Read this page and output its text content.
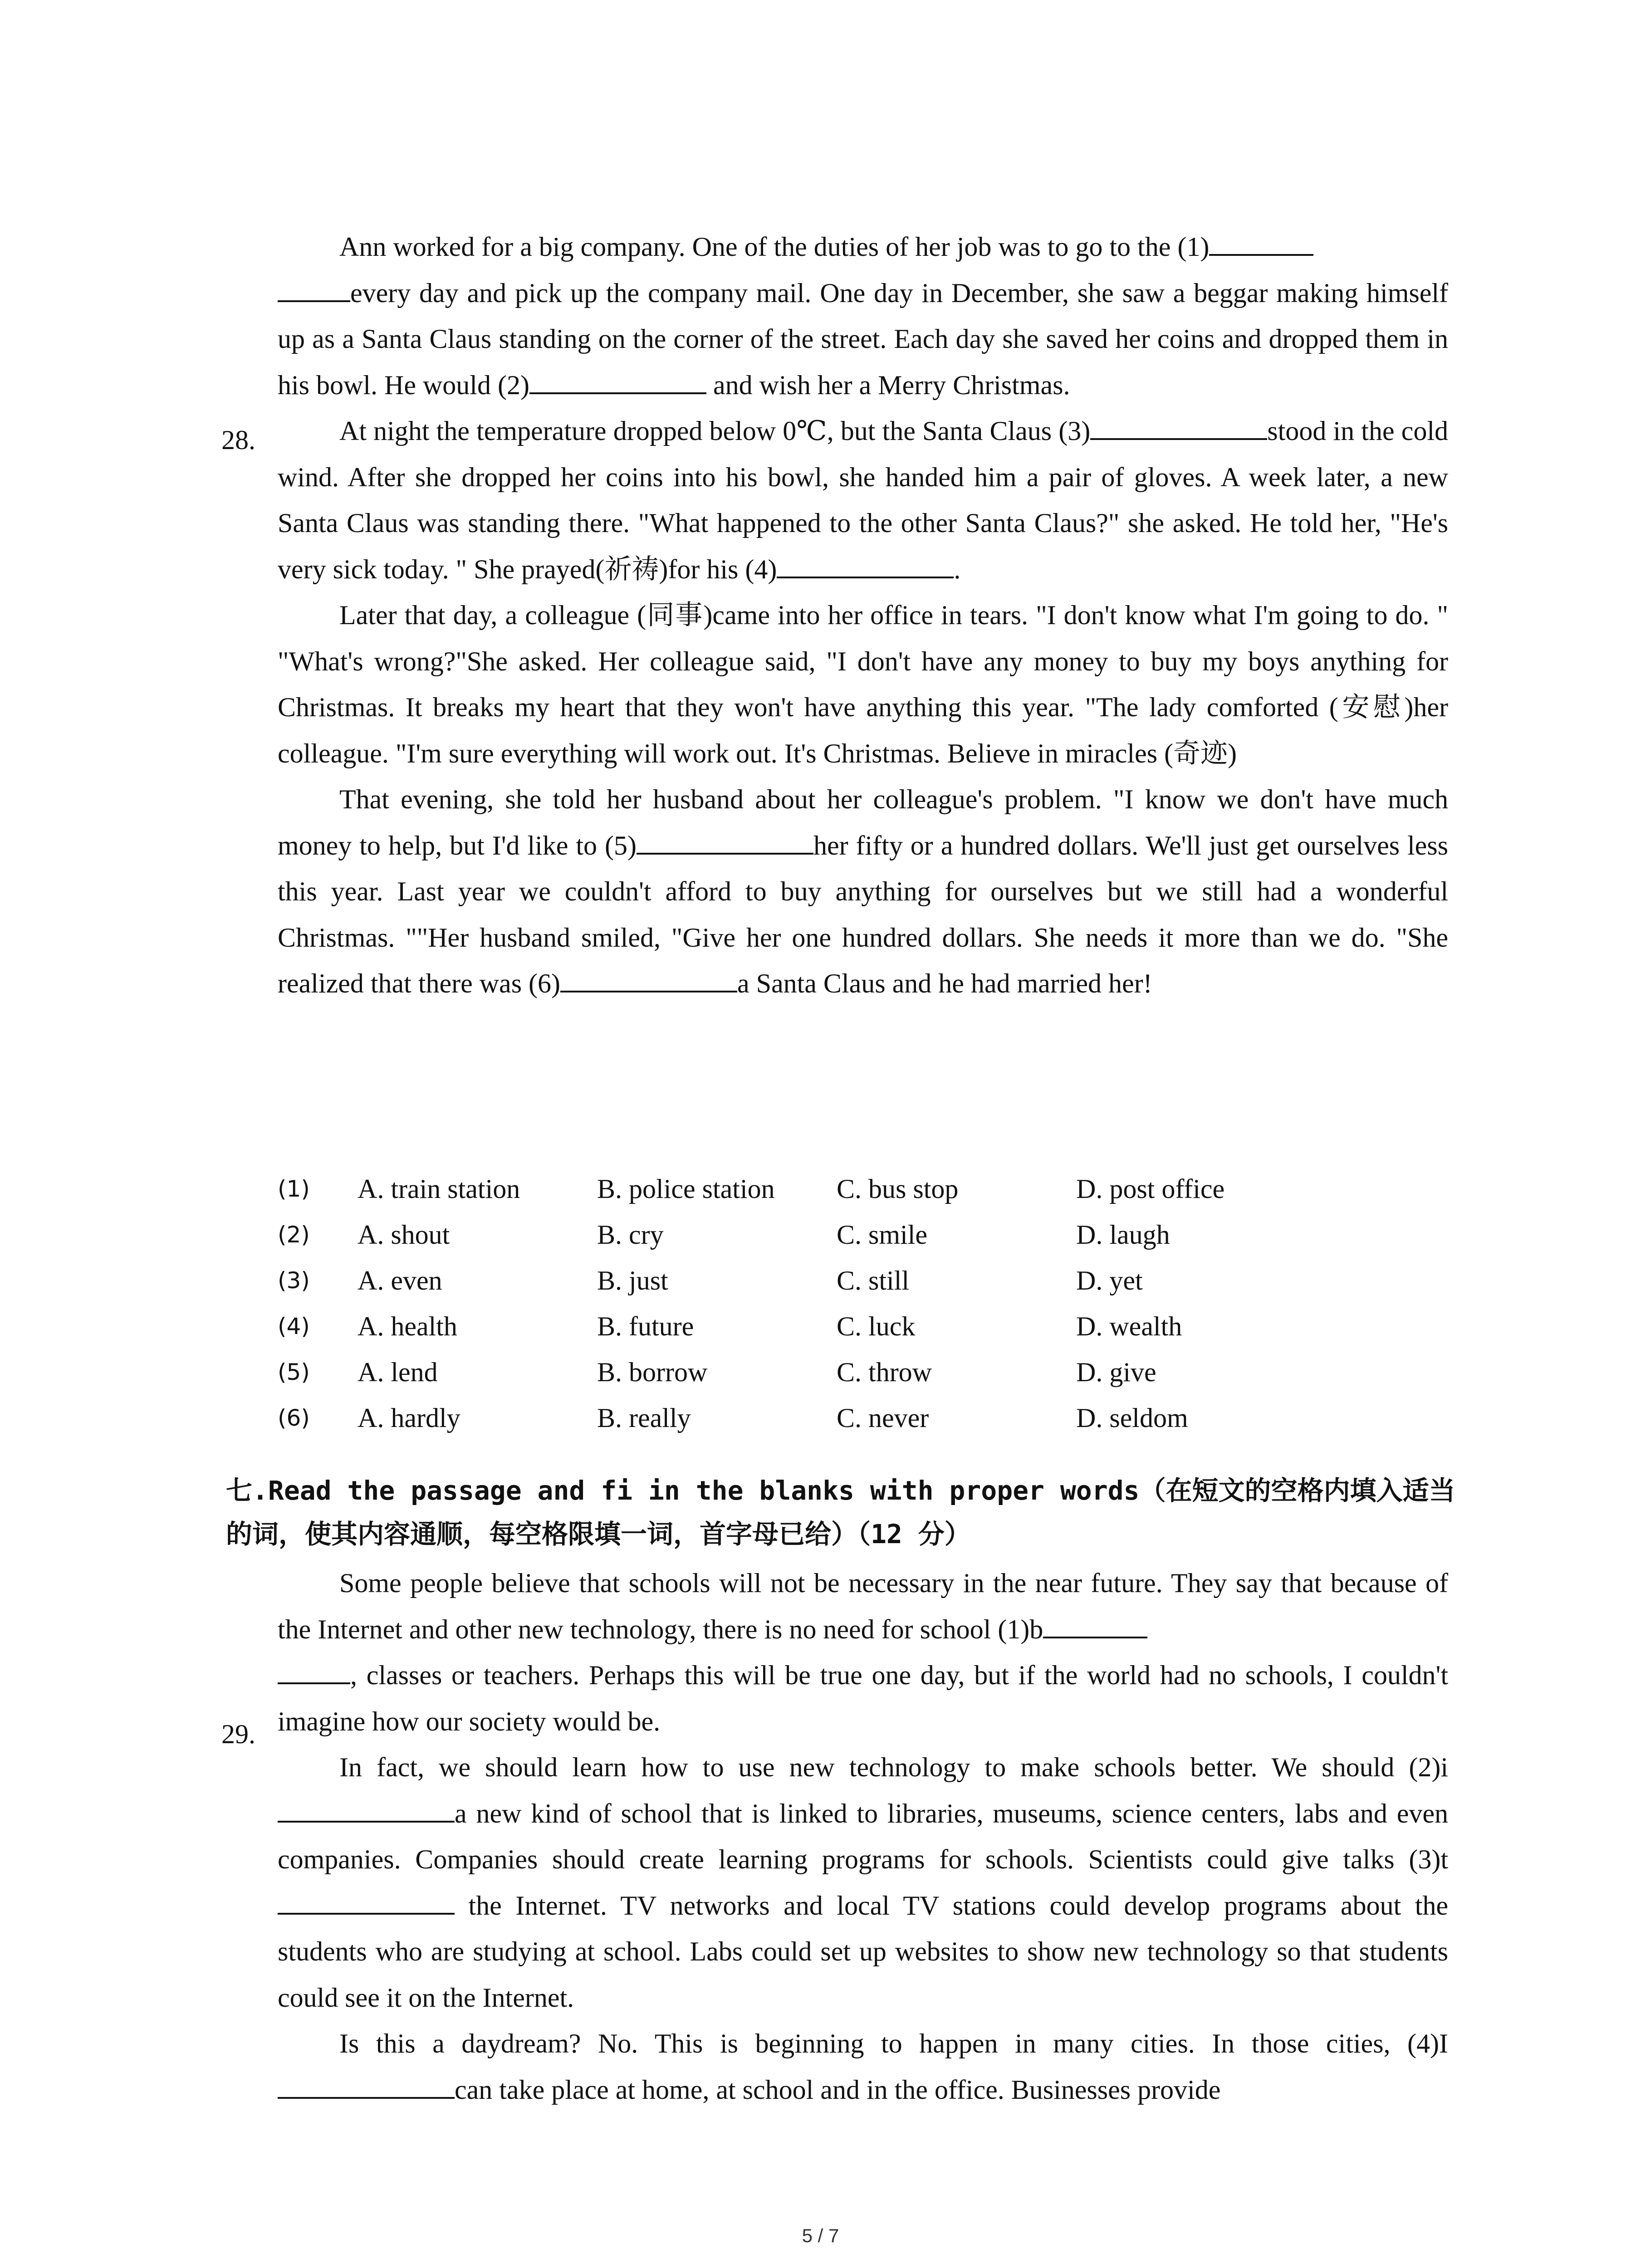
28.

Ann worked for a big company. One of the duties of her job was to go to the (1)
every day and pick up the company mail. One day in December, she saw a beggar making himself up as a Santa Claus standing on the corner of the street. Each day she saved her coins and dropped them in his bowl. He would (2)	and wish her a Merry Christmas.

At night the temperature dropped below 0℃, but the Santa Claus (3)	stood in the cold wind. After she dropped her coins into his bowl, she handed him a pair of gloves. A week later, a new Santa Claus was standing there. "What happened to the other Santa Claus?" she asked. He told her, "He's very sick today. " She prayed(祈祷)for his (4)	.

Later that day, a colleague (同事)came into her office in tears. "I don't know what I'm going to do. " "What's wrong?"She asked. Her colleague said, "I don't have any money to buy my boys anything for Christmas. It breaks my heart that they won't have anything this year. "The lady comforted (安慰)her colleague. "I'm sure everything will work out. It's Christmas. Believe in miracles (奇迹)

That evening, she told her husband about her colleague's problem. "I know we don't have much money to help, but I'd like to (5)	her fifty or a hundred dollars. We'll just get ourselves less this year. Last year we couldn't afford to buy anything for ourselves but we still had a wonderful Christmas. ""Her husband smiled, "Give her one hundred dollars. She needs it more than we do. "She realized that there was (6)	a Santa Claus and he had married her!

(1)	A. train station	B. police station	C. bus stop	D. post office
(2)	A. shout	B. cry	C. smile	D. laugh
(3)	A. even	B. just	C. still	D. yet
(4)	A. health	B. future	C. luck	D. wealth
(5)	A. lend	B. borrow	C. throw	D. give
(6)	A. hardly	B. really	C. never	D. seldom
七.Read the passage and fi in the blanks with proper words（在短文的空格内填入适当的词，使其内容通顺，每空格限填一词，首字母已给）（12 分）
29.

Some people believe that schools will not be necessary in the near future. They say that because of the Internet and other new technology, there is no need for school (1)b
, classes or teachers. Perhaps this will be true one day, but if the world had no schools, I couldn't imagine how our society would be.

In fact, we should learn how to use new technology to make schools better. We should (2)ia new kind of school that is linked to libraries, museums, science centers, labs and even companies. Companies should create learning programs for schools. Scientists could give talks (3)t the Internet. TV networks and local TV stations could develop programs about the students who are studying at school. Labs could set up websites to show new technology so that students could see it on the Internet.

Is this a daydream? No. This is beginning to happen in many cities. In those cities, (4)Ican take place at home, at school and in the office. Businesses provide

5 / 7
